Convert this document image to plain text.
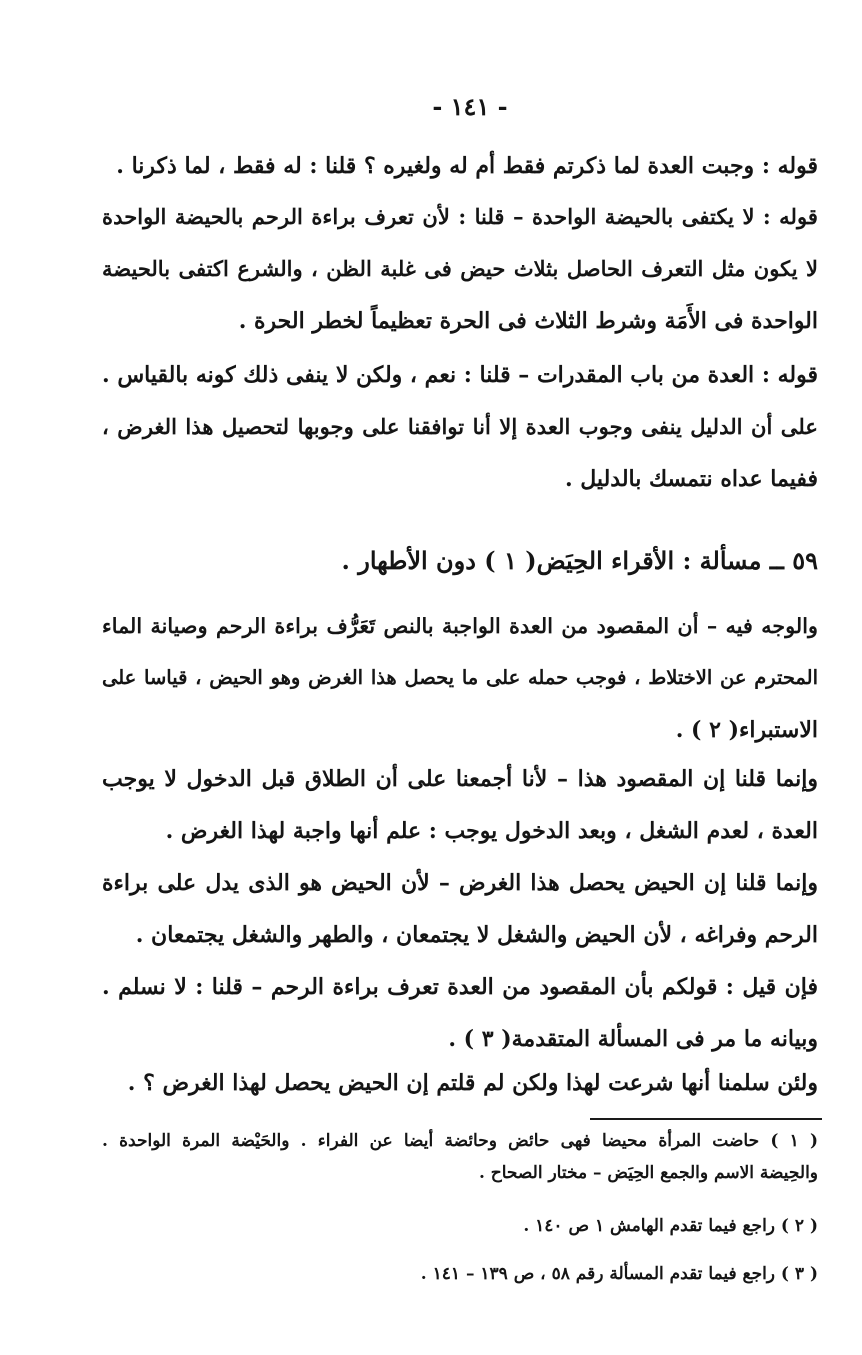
- ١٤١ -
قوله : وجبت العدة لما ذكرتم فقط أم له ولغيره ؟ قلنا : له فقط ، لما ذكرنا .
قوله : لا يكتفى بالحيضة الواحدة – قلنا : لأن تعرف براءة الرحم بالحيضة الواحدة
لا يكون مثل التعرف الحاصل بثلاث حيض فى غلبة الظن ، والشرع اكتفى بالحيضة
الواحدة فى الأَمَة وشرط الثلاث فى الحرة تعظيماً لخطر الحرة .
قوله : العدة من باب المقدرات – قلنا : نعم ، ولكن لا ينفى ذلك كونه بالقياس .
على أن الدليل ينفى وجوب العدة إلا أنا توافقنا على وجوبها لتحصيل هذا الغرض ،
ففيما عداه نتمسك بالدليل .
٥٩ ــ مسألة : الأقراء الحِيَض( ١ ) دون الأطهار .
والوجه فيه – أن المقصود من العدة الواجبة بالنص تَعَرُّف براءة الرحم وصيانة الماء
المحترم عن الاختلاط ، فوجب حمله على ما يحصل هذا الغرض وهو الحيض ، قياسا على
الاستبراء( ٢ ) .
وإنما قلنا إن المقصود هذا – لأنا أجمعنا على أن الطلاق قبل الدخول لا يوجب
العدة ، لعدم الشغل ، وبعد الدخول يوجب : علم أنها واجبة لهذا الغرض .
وإنما قلنا إن الحيض يحصل هذا الغرض – لأن الحيض هو الذى يدل على براءة
الرحم وفراغه ، لأن الحيض والشغل لا يجتمعان ، والطهر والشغل يجتمعان .
فإن قيل : قولكم بأن المقصود من العدة تعرف براءة الرحم – قلنا : لا نسلم .
وبيانه ما مر فى المسألة المتقدمة( ٣ ) .
ولئن سلمنا أنها شرعت لهذا ولكن لم قلتم إن الحيض يحصل لهذا الغرض ؟ .
( ١ ) حاضت المرأة محيضا فهى حائض وحائضة أيضا عن الفراء . والحَيْضة المرة الواحدة .
والحِيضة الاسم والجمع الحِيَض – مختار الصحاح .
( ٢ ) راجع فيما تقدم الهامش ١ ص ١٤٠ .
( ٣ ) راجع فيما تقدم المسألة رقم ٥٨ ، ص ١٣٩ – ١٤١ .
